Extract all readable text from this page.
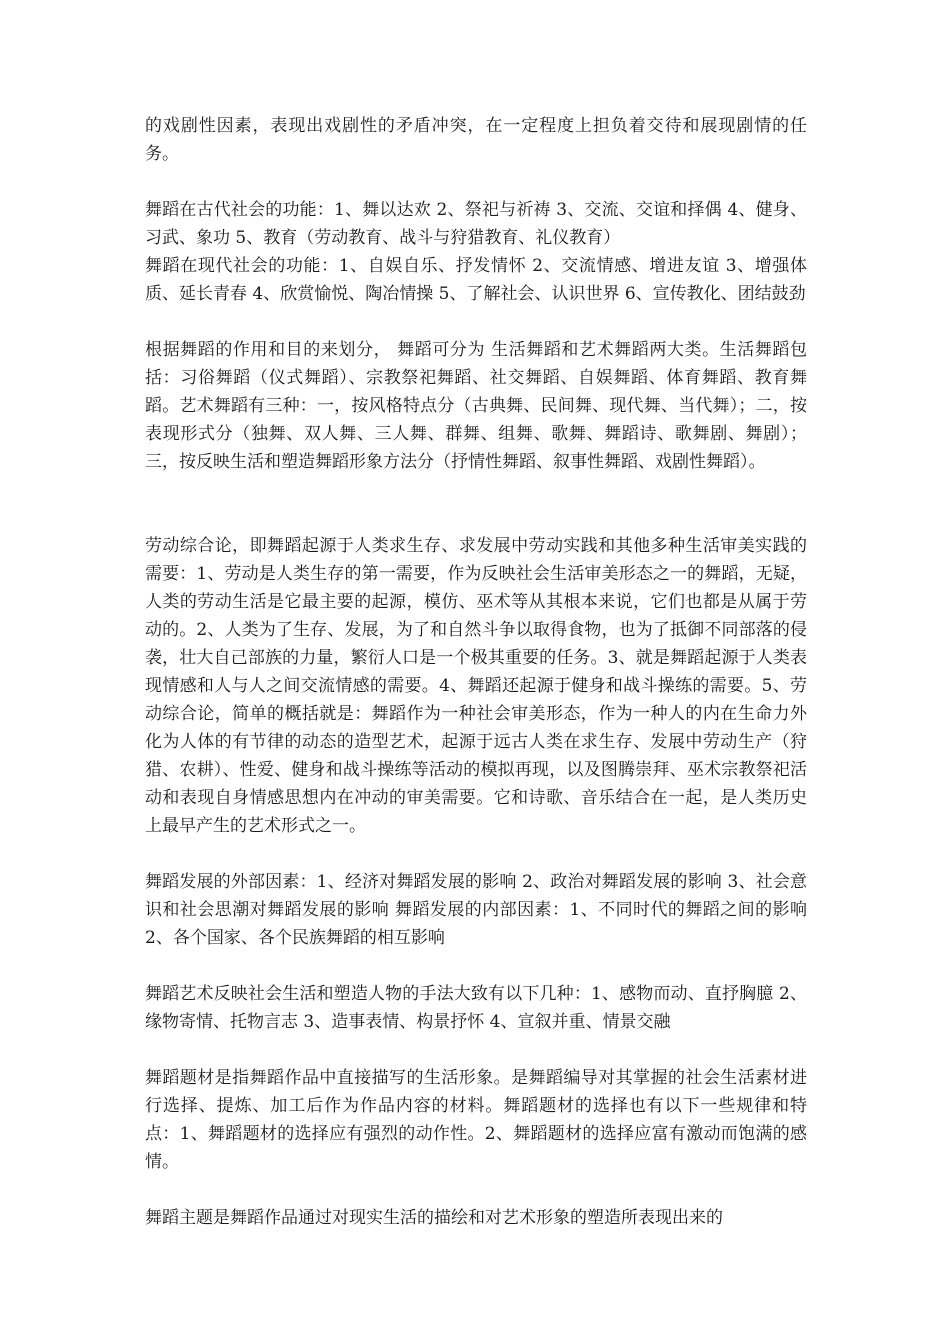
的戏剧性因素，表现出戏剧性的矛盾冲突，在一定程度上担负着交待和展现剧情的任务。

舞蹈在古代社会的功能：1、舞以达欢 2、祭祀与祈祷 3、交流、交谊和择偶 4、健身、习武、象功 5、教育（劳动教育、战斗与狩猎教育、礼仪教育）

舞蹈在现代社会的功能：1、自娱自乐、抒发情怀 2、交流情感、增进友谊 3、增强体质、延长青春 4、欣赏愉悦、陶冶情操 5、了解社会、认识世界 6、宣传教化、团结鼓劲

根据舞蹈的作用和目的来划分， 舞蹈可分为 生活舞蹈和艺术舞蹈两大类。生活舞蹈包括：习俗舞蹈（仪式舞蹈）、宗教祭祀舞蹈、社交舞蹈、自娱舞蹈、体育舞蹈、教育舞蹈。艺术舞蹈有三种：一，按风格特点分（古典舞、民间舞、现代舞、当代舞）；二，按表现形式分（独舞、双人舞、三人舞、群舞、组舞、歌舞、舞蹈诗、歌舞剧、舞剧）；三，按反映生活和塑造舞蹈形象方法分（抒情性舞蹈、叙事性舞蹈、戏剧性舞蹈）。

劳动综合论，即舞蹈起源于人类求生存、求发展中劳动实践和其他多种生活审美实践的需要：1、劳动是人类生存的第一需要，作为反映社会生活审美形态之一的舞蹈，无疑，人类的劳动生活是它最主要的起源，模仿、巫术等从其根本来说，它们也都是从属于劳动的。2、人类为了生存、发展，为了和自然斗争以取得食物，也为了抵御不同部落的侵袭，壮大自己部族的力量，繁衍人口是一个极其重要的任务。3、就是舞蹈起源于人类表现情感和人与人之间交流情感的需要。4、舞蹈还起源于健身和战斗操练的需要。5、劳动综合论，简单的概括就是：舞蹈作为一种社会审美形态，作为一种人的内在生命力外化为人体的有节律的动态的造型艺术，起源于远古人类在求生存、发展中劳动生产（狩猎、农耕）、性爱、健身和战斗操练等活动的模拟再现，以及图腾崇拜、巫术宗教祭祀活动和表现自身情感思想内在冲动的审美需要。它和诗歌、音乐结合在一起，是人类历史上最早产生的艺术形式之一。

舞蹈发展的外部因素：1、经济对舞蹈发展的影响 2、政治对舞蹈发展的影响 3、社会意识和社会思潮对舞蹈发展的影响 舞蹈发展的内部因素：1、不同时代的舞蹈之间的影响 2、各个国家、各个民族舞蹈的相互影响

舞蹈艺术反映社会生活和塑造人物的手法大致有以下几种：1、感物而动、直抒胸臆 2、缘物寄情、托物言志 3、造事表情、构景抒怀 4、宣叙并重、情景交融

舞蹈题材是指舞蹈作品中直接描写的生活形象。是舞蹈编导对其掌握的社会生活素材进行选择、提炼、加工后作为作品内容的材料。舞蹈题材的选择也有以下一些规律和特点：1、舞蹈题材的选择应有强烈的动作性。2、舞蹈题材的选择应富有激动而饱满的感情。

舞蹈主题是舞蹈作品通过对现实生活的描绘和对艺术形象的塑造所表现出来的
